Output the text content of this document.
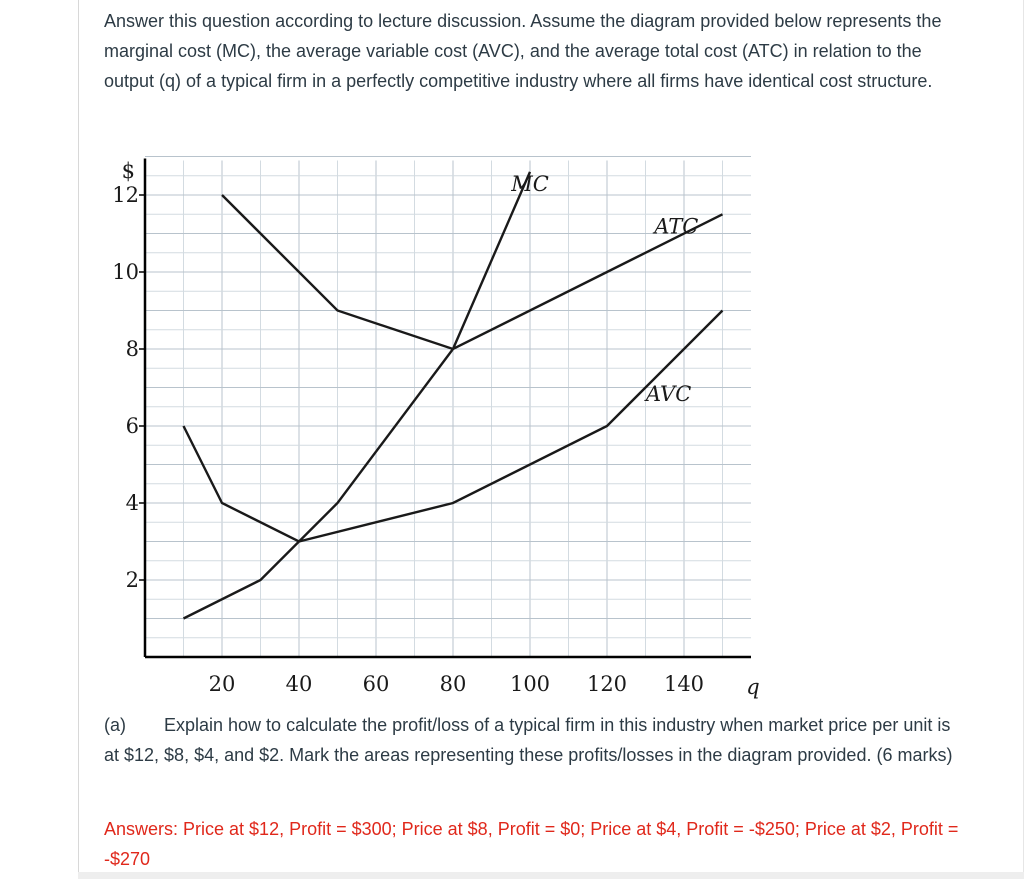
Answer this question according to lecture discussion. Assume the diagram provided below represents the marginal cost (MC), the average variable cost (AVC), and the average total cost (ATC) in relation to the output (q) of a typical firm in a perfectly competitive industry where all firms have identical cost structure.

2
4
6
8
10
12
$
20 40 60 80 100 120 140 q
MC
ATC
AVC

(a) Explain how to calculate the profit/loss of a typical firm in this industry when market price per unit is at $12, $8, $4, and $2. Mark the areas representing these profits/losses in the diagram provided. (6 marks)

Answers: Price at $12, Profit = $300; Price at $8, Profit = $0; Price at $4, Profit = -$250; Price at $2, Profit = -$270
